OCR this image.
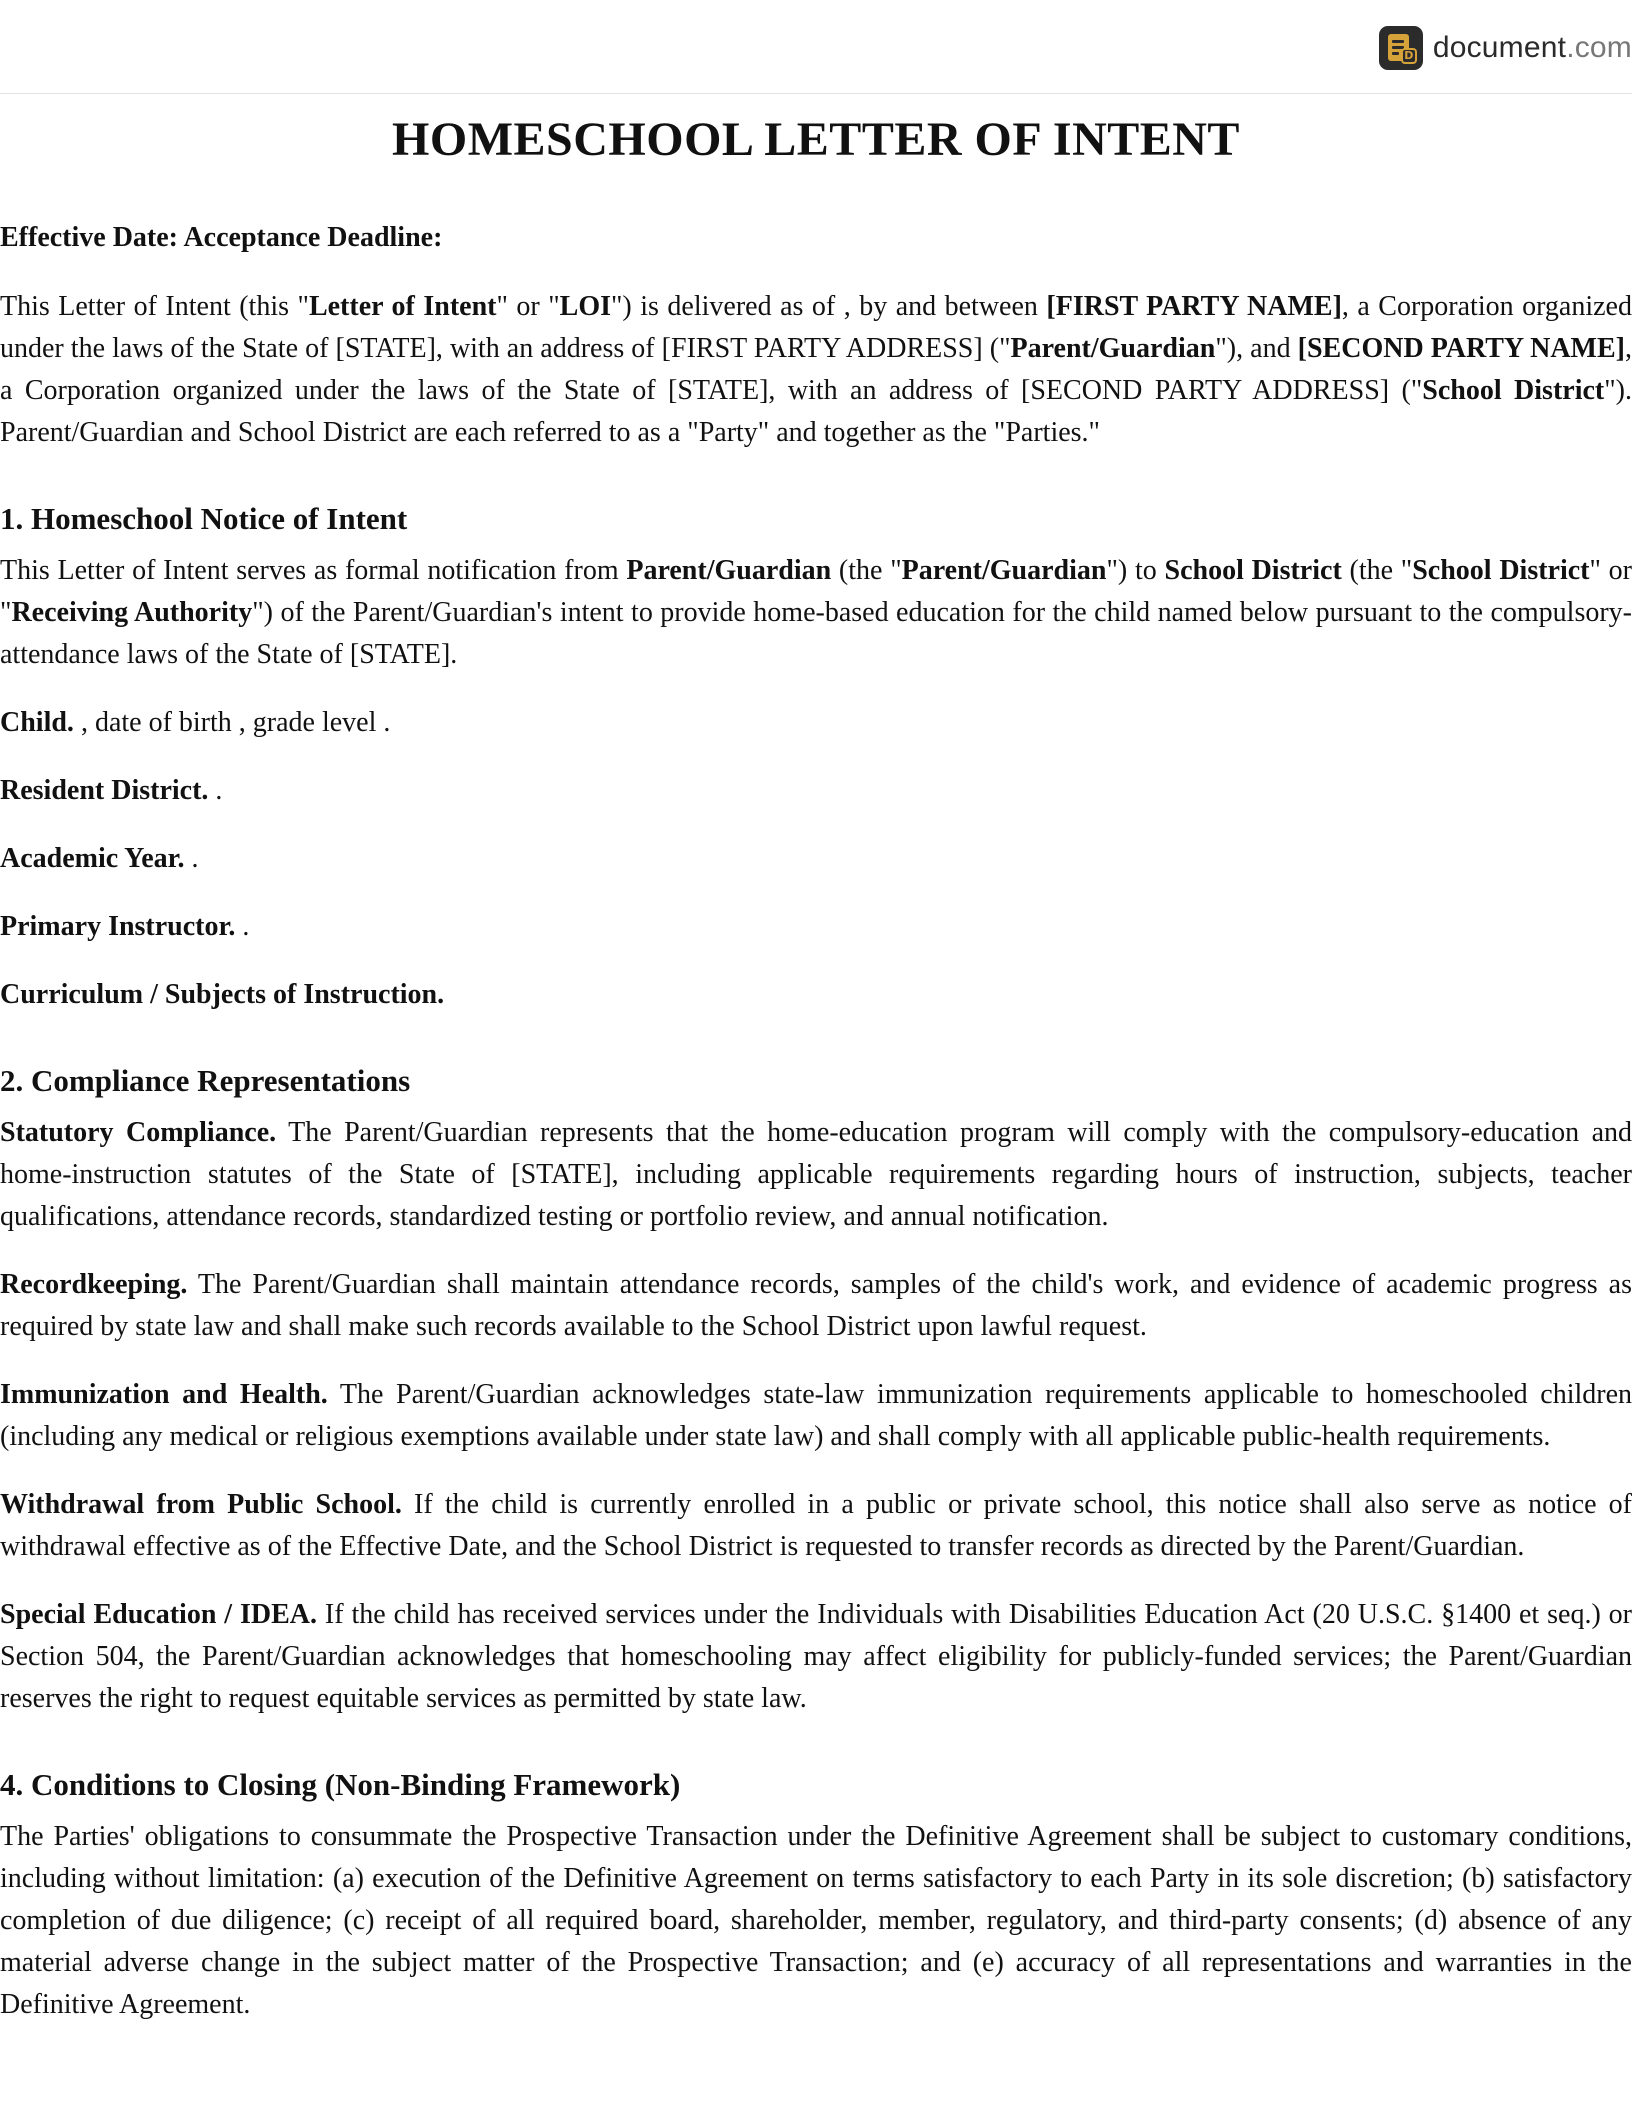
D document.com
HOMESCHOOL LETTER OF INTENT
Effective Date: Acceptance Deadline:

This Letter of Intent (this "Letter of Intent" or "LOI") is delivered as of , by and between [FIRST PARTY NAME], a Corporation organized under the laws of the State of [STATE], with an address of [FIRST PARTY ADDRESS] ("Parent/Guardian"), and [SECOND PARTY NAME], a Corporation organized under the laws of the State of [STATE], with an address of [SECOND PARTY ADDRESS] ("School District"). Parent/Guardian and School District are each referred to as a "Party" and together as the "Parties."

1. Homeschool Notice of Intent

This Letter of Intent serves as formal notification from Parent/Guardian (the "Parent/Guardian") to School District (the "School District" or "Receiving Authority") of the Parent/Guardian's intent to provide home-based education for the child named below pursuant to the compulsory-attendance laws of the State of [STATE].

Child. , date of birth , grade level .
Resident District. .
Academic Year. .
Primary Instructor. .
Curriculum / Subjects of Instruction.
2. Compliance Representations

Statutory Compliance. The Parent/Guardian represents that the home-education program will comply with the compulsory-education and home-instruction statutes of the State of [STATE], including applicable requirements regarding hours of instruction, subjects, teacher qualifications, attendance records, standardized testing or portfolio review, and annual notification.

Recordkeeping. The Parent/Guardian shall maintain attendance records, samples of the child's work, and evidence of academic progress as required by state law and shall make such records available to the School District upon lawful request.

Immunization and Health. The Parent/Guardian acknowledges state-law immunization requirements applicable to homeschooled children (including any medical or religious exemptions available under state law) and shall comply with all applicable public-health requirements.

Withdrawal from Public School. If the child is currently enrolled in a public or private school, this notice shall also serve as notice of withdrawal effective as of the Effective Date, and the School District is requested to transfer records as directed by the Parent/Guardian.

Special Education / IDEA. If the child has received services under the Individuals with Disabilities Education Act (20 U.S.C. §1400 et seq.) or Section 504, the Parent/Guardian acknowledges that homeschooling may affect eligibility for publicly-funded services; the Parent/Guardian reserves the right to request equitable services as permitted by state law.

4. Conditions to Closing (Non-Binding Framework)

The Parties' obligations to consummate the Prospective Transaction under the Definitive Agreement shall be subject to customary conditions, including without limitation: (a) execution of the Definitive Agreement on terms satisfactory to each Party in its sole discretion; (b) satisfactory completion of due diligence; (c) receipt of all required board, shareholder, member, regulatory, and third-party consents; (d) absence of any material adverse change in the subject matter of the Prospective Transaction; and (e) accuracy of all representations and warranties in the Definitive Agreement.
